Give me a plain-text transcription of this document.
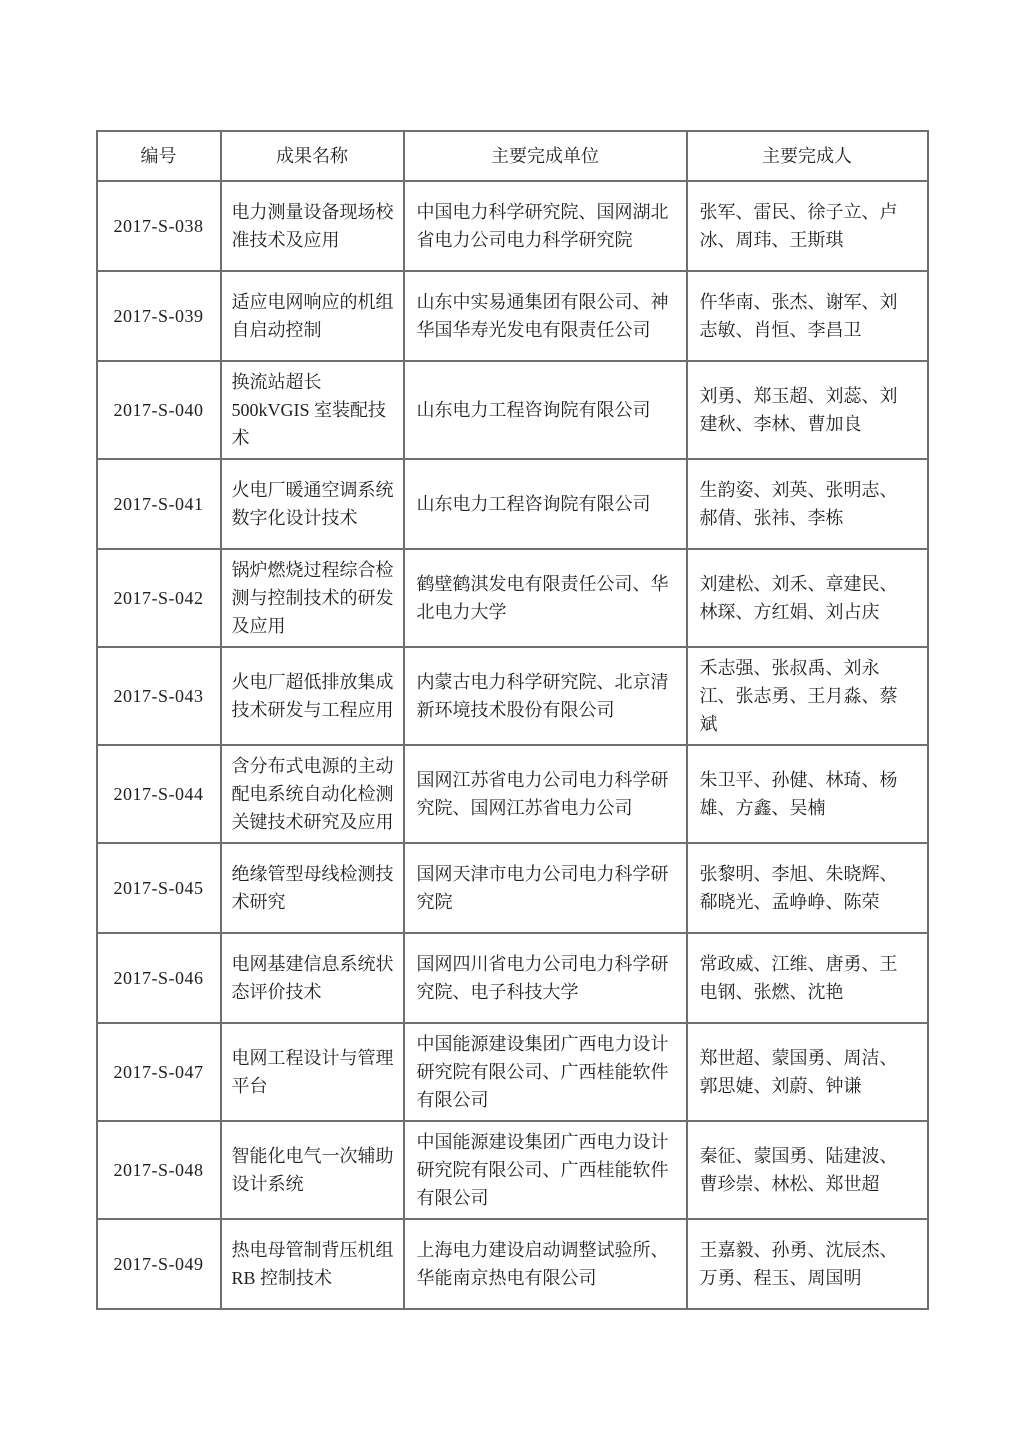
编号	成果名称	主要完成单位	主要完成人
2017-S-038	电力测量设备现场校准技术及应用	中国电力科学研究院、国网湖北省电力公司电力科学研究院	张军、雷民、徐子立、卢冰、周玮、王斯琪
2017-S-039	适应电网响应的机组自启动控制	山东中实易通集团有限公司、神华国华寿光发电有限责任公司	仵华南、张杰、谢军、刘志敏、肖恒、李昌卫
2017-S-040	换流站超长500kVGIS 室装配技术	山东电力工程咨询院有限公司	刘勇、郑玉超、刘蕊、刘建秋、李林、曹加良
2017-S-041	火电厂暖通空调系统数字化设计技术	山东电力工程咨询院有限公司	生韵姿、刘英、张明志、郝倩、张祎、李栋
2017-S-042	锅炉燃烧过程综合检测与控制技术的研发及应用	鹤壁鹤淇发电有限责任公司、华北电力大学	刘建松、刘禾、章建民、林琛、方红娟、刘占庆
2017-S-043	火电厂超低排放集成技术研发与工程应用	内蒙古电力科学研究院、北京清新环境技术股份有限公司	禾志强、张叔禹、刘永江、张志勇、王月淼、蔡斌
2017-S-044	含分布式电源的主动配电系统自动化检测关键技术研究及应用	国网江苏省电力公司电力科学研究院、国网江苏省电力公司	朱卫平、孙健、林琦、杨雄、方鑫、吴楠
2017-S-045	绝缘管型母线检测技术研究	国网天津市电力公司电力科学研究院	张黎明、李旭、朱晓辉、郗晓光、孟峥峥、陈荣
2017-S-046	电网基建信息系统状态评价技术	国网四川省电力公司电力科学研究院、电子科技大学	常政威、江维、唐勇、王电钢、张燃、沈艳
2017-S-047	电网工程设计与管理平台	中国能源建设集团广西电力设计研究院有限公司、广西桂能软件有限公司	郑世超、蒙国勇、周洁、郭思婕、刘蔚、钟谦
2017-S-048	智能化电气一次辅助设计系统	中国能源建设集团广西电力设计研究院有限公司、广西桂能软件有限公司	秦征、蒙国勇、陆建波、曹珍崇、林松、郑世超
2017-S-049	热电母管制背压机组RB 控制技术	上海电力建设启动调整试验所、华能南京热电有限公司	王嘉毅、孙勇、沈辰杰、万勇、程玉、周国明
